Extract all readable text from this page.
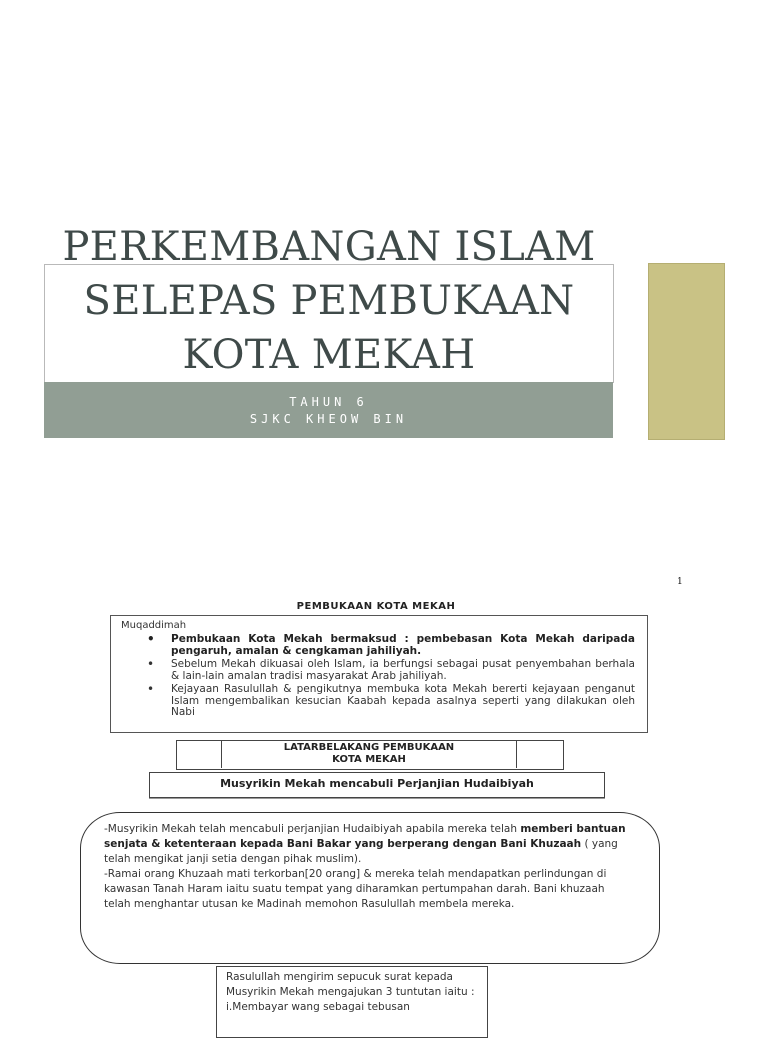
PERKEMBANGAN ISLAM
SELEPAS PEMBUKAAN
KOTA MEKAH
TAHUN 6
SJKC KHEOW BIN
1
PEMBUKAAN KOTA MEKAH
Muqaddimah
• Pembukaan Kota Mekah bermaksud : pembebasan Kota Mekah daripada pengaruh, amalan & cengkaman jahiliyah.
• Sebelum Mekah dikuasai oleh Islam, ia berfungsi sebagai pusat penyembahan berhala & lain-lain amalan tradisi masyarakat Arab jahiliyah.
• Kejayaan Rasulullah & pengikutnya membuka kota Mekah bererti kejayaan penganut Islam mengembalikan kesucian Kaabah kepada asalnya seperti yang dilakukan oleh Nabi
LATARBELAKANG PEMBUKAAN
KOTA MEKAH
Musyrikin Mekah mencabuli Perjanjian Hudaibiyah

-Musyrikin Mekah telah mencabuli perjanjian Hudaibiyah apabila mereka telah memberi bantuan senjata & ketenteraan kepada Bani Bakar yang berperang dengan Bani Khuzaah ( yang telah mengikat janji setia dengan pihak muslim).

-Ramai orang Khuzaah mati terkorban[20 orang] & mereka telah mendapatkan perlindungan di kawasan Tanah Haram iaitu suatu tempat yang diharamkan pertumpahan darah. Bani khuzaah telah menghantar utusan ke Madinah memohon Rasulullah membela mereka.

Rasulullah mengirim sepucuk surat kepada Musyrikin Mekah mengajukan 3 tuntutan iaitu :
i.Membayar wang sebagai tebusan
